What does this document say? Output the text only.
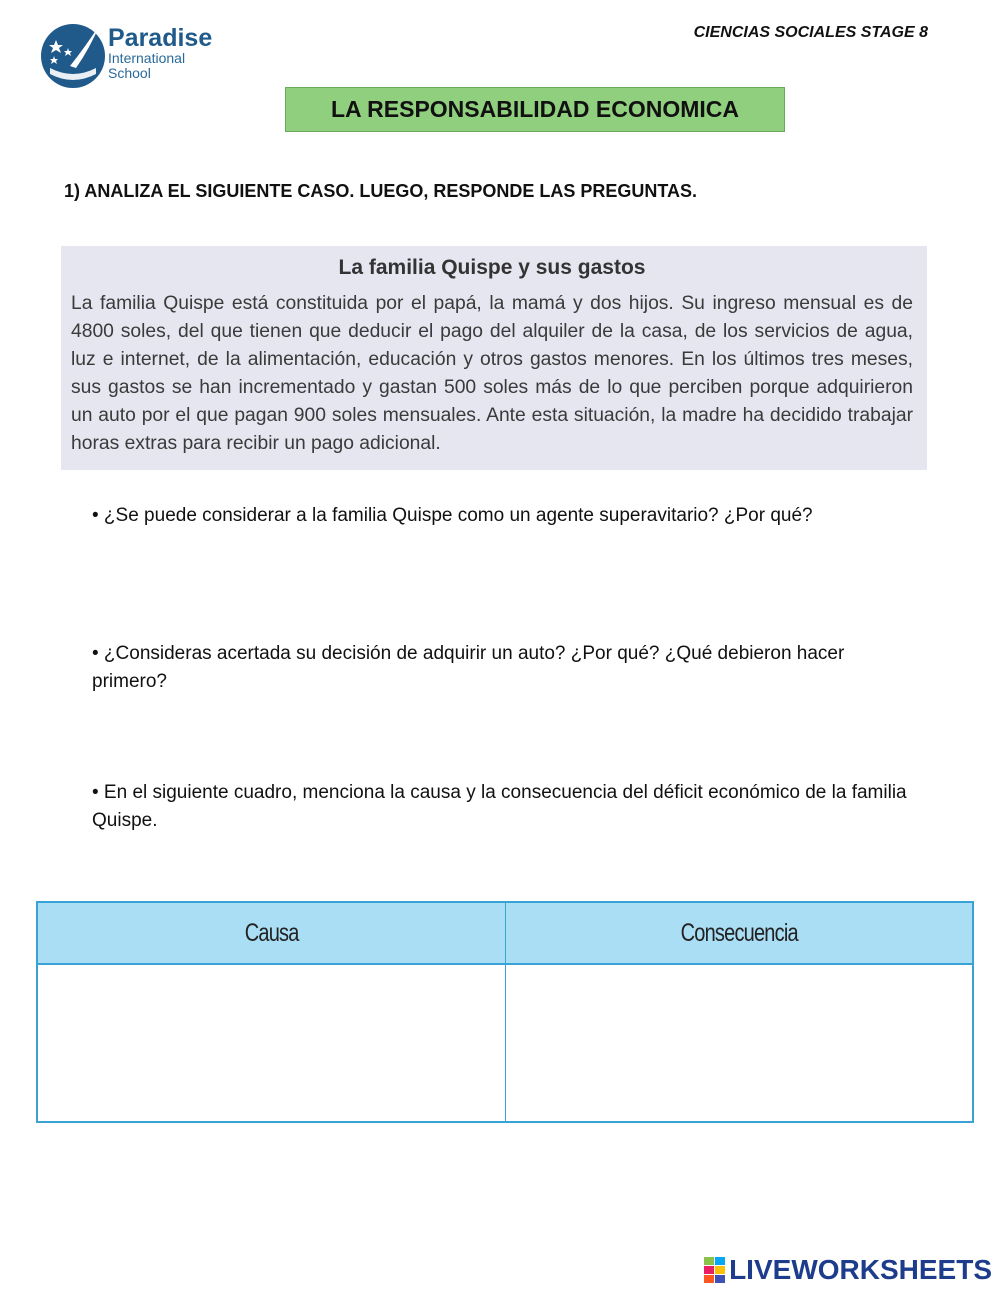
Paradise
International
School
CIENCIAS SOCIALES STAGE 8
LA RESPONSABILIDAD ECONOMICA
1) ANALIZA EL SIGUIENTE CASO. LUEGO, RESPONDE LAS PREGUNTAS.
La familia Quispe y sus gastos
La familia Quispe está constituida por el papá, la mamá y dos hijos. Su ingreso mensual es de 4800 soles, del que tienen que deducir el pago del alquiler de la casa, de los servicios de agua, luz e internet, de la alimentación, educación y otros gastos menores. En los últimos tres meses, sus gastos se han incrementado y gastan 500 soles más de lo que perciben porque adquirieron un auto por el que pagan 900 soles mensuales. Ante esta situación, la madre ha decidido trabajar horas extras para recibir un pago adicional.
• ¿Se puede considerar a la familia Quispe como un agente superavitario? ¿Por qué?
• ¿Consideras acertada su decisión de adquirir un auto? ¿Por qué? ¿Qué debieron hacer primero?
• En el siguiente cuadro, menciona la causa y la consecuencia del déficit económico de la familia Quispe.
Causa	Consecuencia

LIVEWORKSHEETS
